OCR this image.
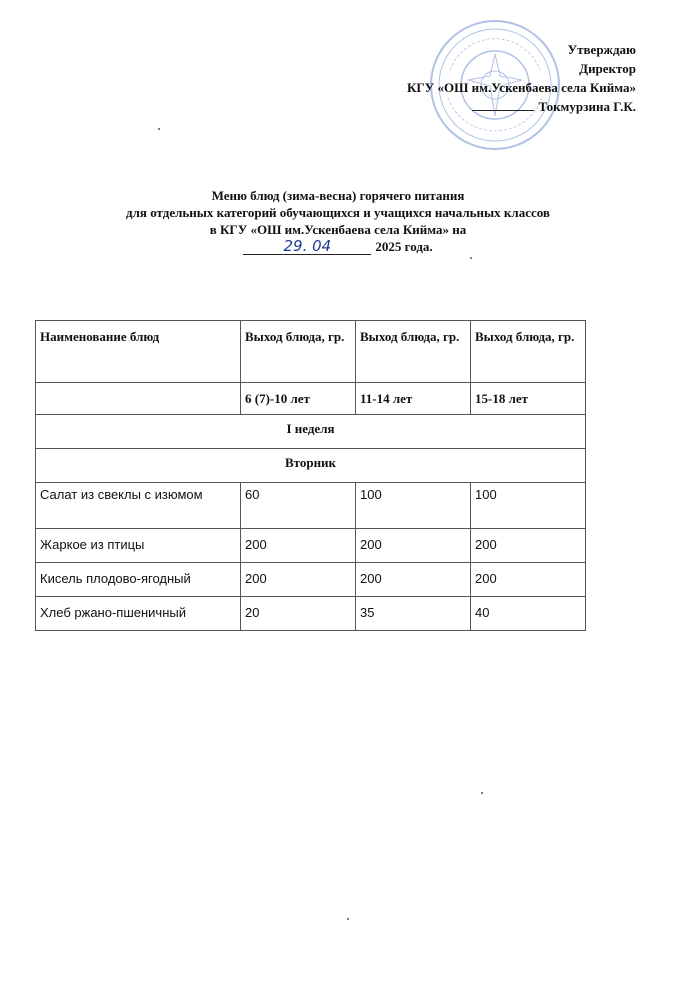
Утверждаю
Директор
КГУ «ОШ им.Ускенбаева села Кийма»
Токмурзина Г.К.
Меню блюд (зима-весна) горячего питания
для отдельных категорий обучающихся и учащихся начальных классов
в КГУ «ОШ им.Ускенбаева села Кийма» на
29. 04	2025 года.
Наименование блюд	Выход блюда, гр.	Выход блюда, гр.	Выход блюда, гр.
	6 (7)-10 лет	11-14 лет	15-18 лет
I неделя			
Вторник			
Салат из свеклы с изюмом	60	100	100
Жаркое из птицы	200	200	200
Кисель плодово-ягодный	200	200	200
Хлеб ржано-пшеничный	20	35	40
